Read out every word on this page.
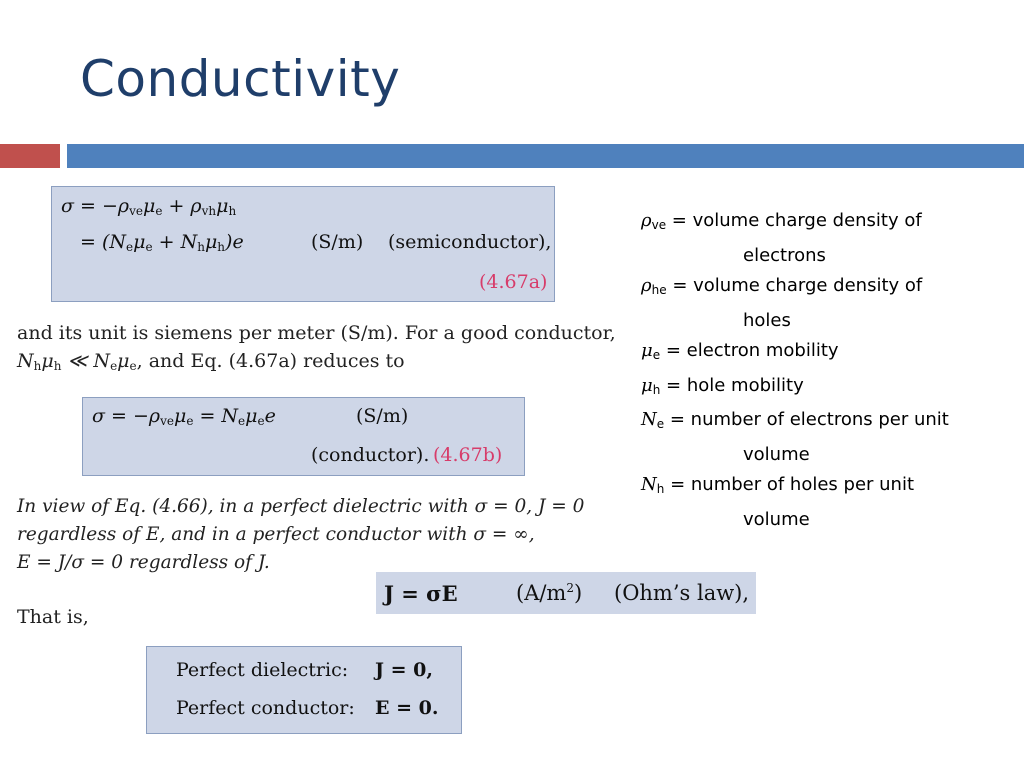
Conductivity
$\sigma = -\rho_{ve}\mu_e + \rho_{vh}\mu_h$
= $(N_e\mu_e + N_h\mu_h)e$	(S/m) (semiconductor),
(4.67a)
and its unit is siemens per meter (S/m). For a good conductor,
$N_h\mu_h$ ≪ $N_e\mu_e$, and Eq. (4.67a) reduces to
$\sigma = -\rho_{ve}\mu_e = N_e\mu_ee$	(S/m)
(conductor). (4.67b)
In view of Eq. (4.66), in a perfect dielectric with σ = 0, J = 0
regardless of E, and in a perfect conductor with σ = ∞,
E = J/σ = 0 regardless of J.
J = σE	$(A/m^2)$ (Ohm’s law),
That is,
Perfect dielectric: J = 0,
Perfect conductor: E = 0.
$\rho_{ve}$ = volume charge density of
electrons
$\rho_{he}$ = volume charge density of
holes
$\mu_e$ = electron mobility
$\mu_h$ = hole mobility
$N_e$ = number of electrons per unit
volume
$N_h$ = number of holes per unit
volume
